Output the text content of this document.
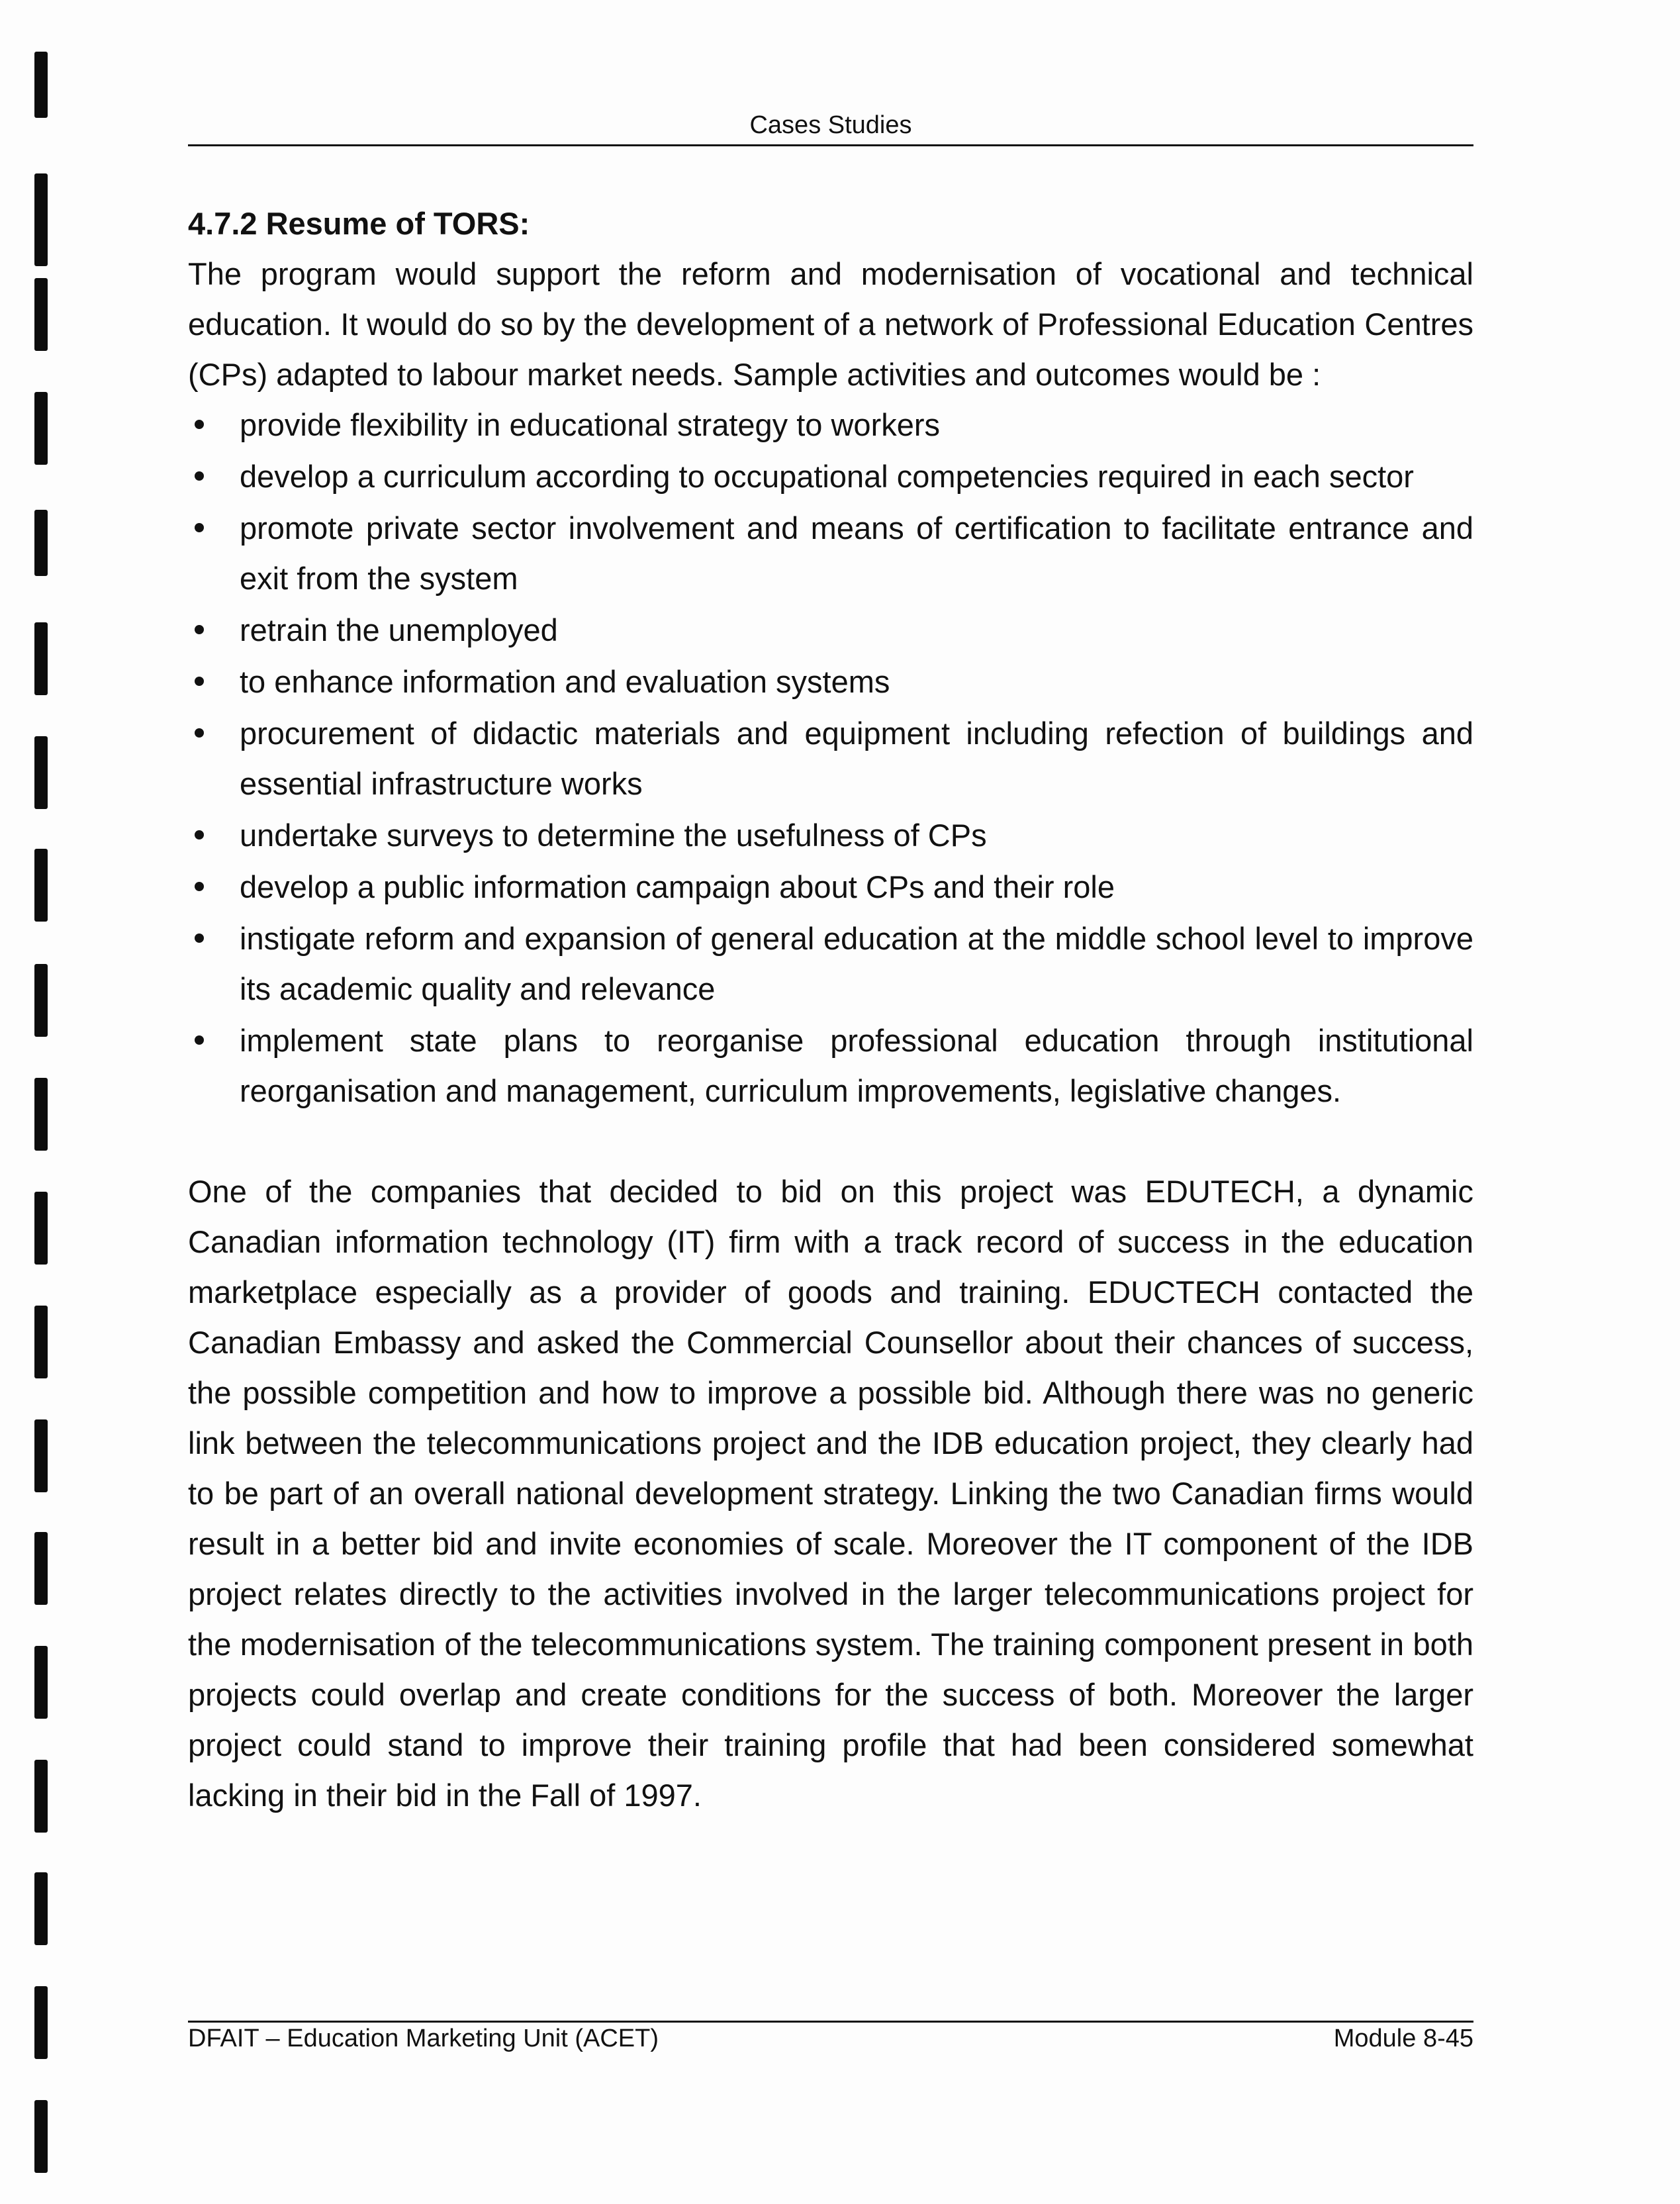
Cases Studies

4.7.2 Resume of TORS:

The program would support the reform and modernisation of vocational and technical education. It would do so by the development of a network of Professional Education Centres (CPs) adapted to labour market needs. Sample activities and outcomes would be :

provide flexibility in educational strategy to workers
develop a curriculum according to occupational competencies required in each sector
promote private sector involvement and means of certification to facilitate entrance and exit from the system
retrain the unemployed
to enhance information and evaluation systems
procurement of didactic materials and equipment including refection of buildings and essential infrastructure works
undertake surveys to determine the usefulness of CPs
develop a public information campaign about CPs and their role
instigate reform and expansion of general education at the middle school level to improve its academic quality and relevance
implement state plans to reorganise professional education through institutional reorganisation and management, curriculum improvements, legislative changes.

One of the companies that decided to bid on this project was EDUTECH, a dynamic Canadian information technology (IT) firm with a track record of success in the education marketplace especially as a provider of goods and training. EDUCTECH contacted the Canadian Embassy and asked the Commercial Counsellor about their chances of success, the possible competition and how to improve a possible bid. Although there was no generic link between the telecommunications project and the IDB education project, they clearly had to be part of an overall national development strategy. Linking the two Canadian firms would result in a better bid and invite economies of scale. Moreover the IT component of the IDB project relates directly to the activities involved in the larger telecommunications project for the modernisation of the telecommunications system. The training component present in both projects could overlap and create conditions for the success of both. Moreover the larger project could stand to improve their training profile that had been considered somewhat lacking in their bid in the Fall of 1997.

DFAIT – Education Marketing Unit (ACET)	Module 8-45
